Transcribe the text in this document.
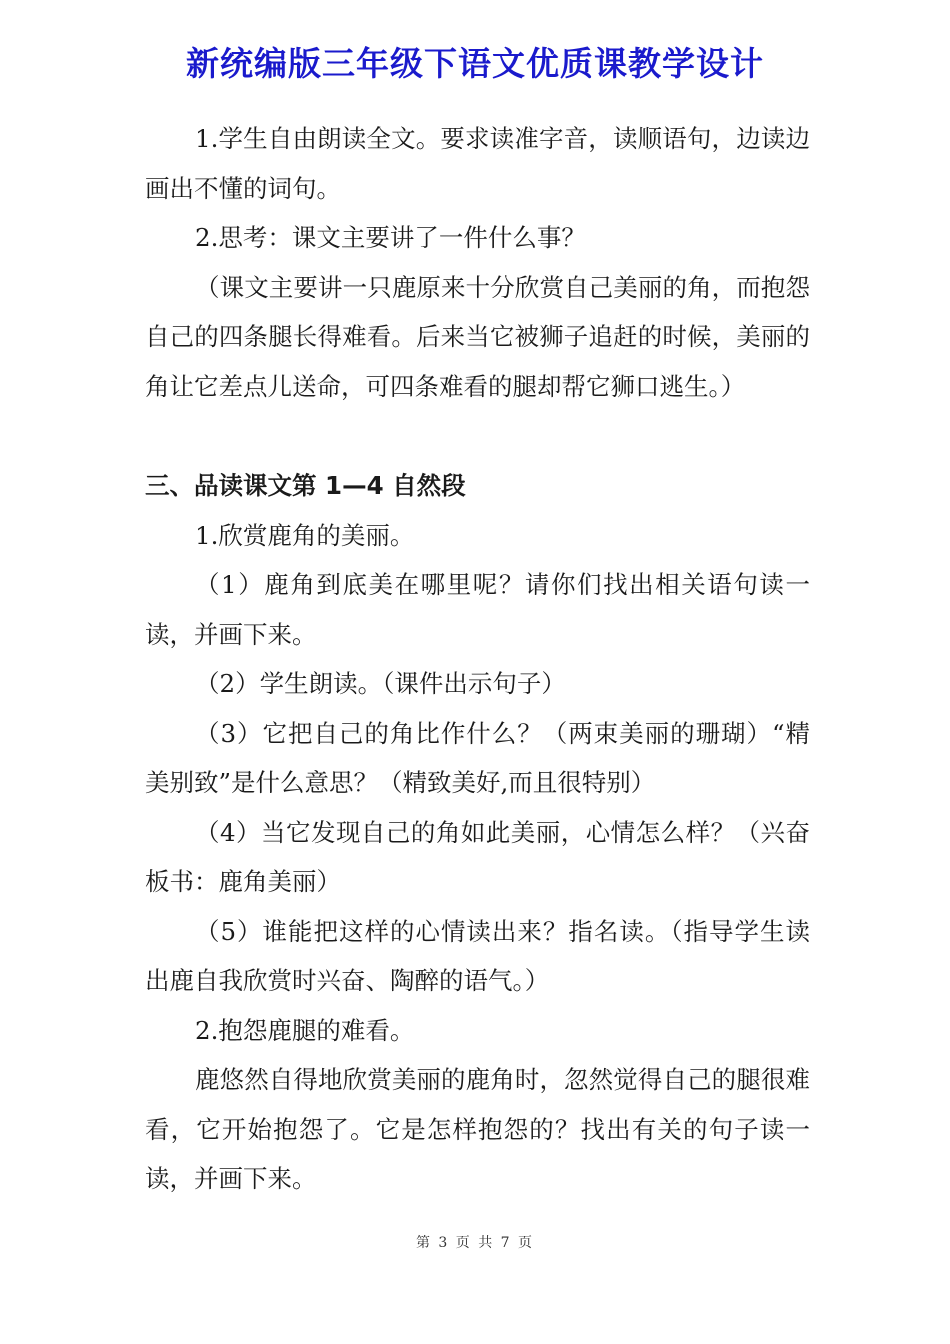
新统编版三年级下语文优质课教学设计

1.学生自由朗读全文。要求读准字音，读顺语句，边读边画出不懂的词句。

2.思考：课文主要讲了一件什么事？

（课文主要讲一只鹿原来十分欣赏自己美丽的角，而抱怨自己的四条腿长得难看。后来当它被狮子追赶的时候，美丽的角让它差点儿送命，可四条难看的腿却帮它狮口逃生。）

三、品读课文第 1—4 自然段

1.欣赏鹿角的美丽。

（1）鹿角到底美在哪里呢？请你们找出相关语句读一读，并画下来。

（2）学生朗读。（课件出示句子）

（3）它把自己的角比作什么？（两束美丽的珊瑚）“精美别致”是什么意思？（精致美好,而且很特别）

（4）当它发现自己的角如此美丽，心情怎么样？（兴奋板书：鹿角美丽）

（5）谁能把这样的心情读出来？指名读。（指导学生读出鹿自我欣赏时兴奋、陶醉的语气。）

2.抱怨鹿腿的难看。

鹿悠然自得地欣赏美丽的鹿角时，忽然觉得自己的腿很难看，它开始抱怨了。它是怎样抱怨的？找出有关的句子读一读，并画下来。

第 3 页 共 7 页
